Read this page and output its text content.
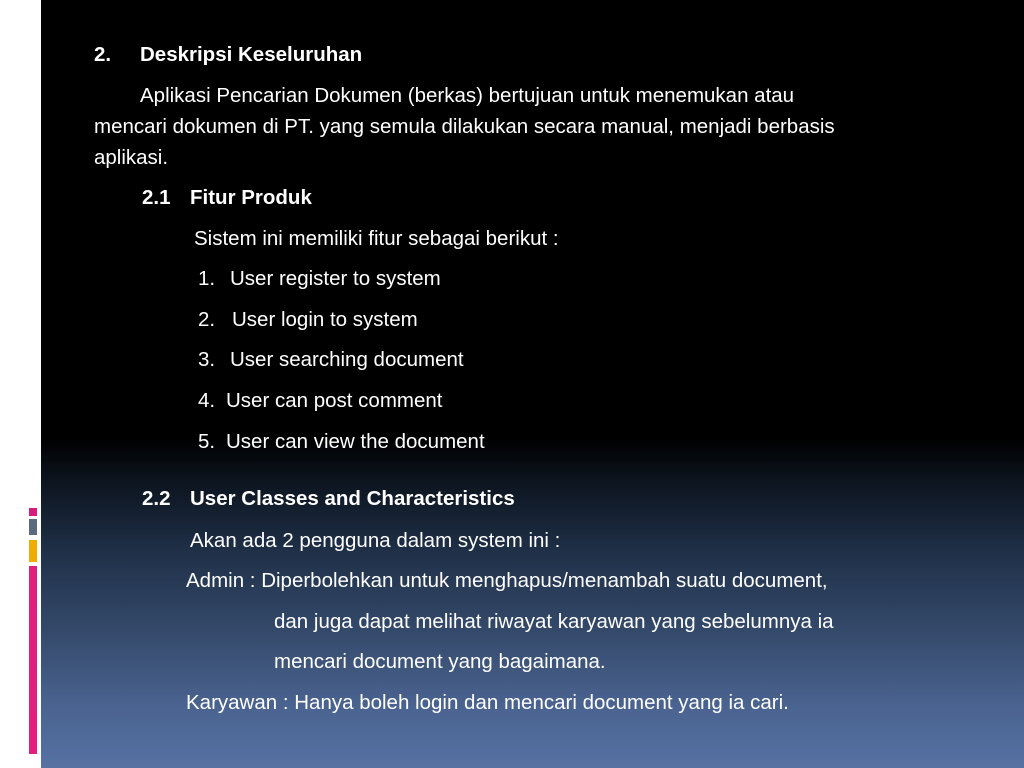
2. Deskripsi Keseluruhan
Aplikasi Pencarian Dokumen (berkas) bertujuan untuk menemukan atau
mencari dokumen di PT. yang semula dilakukan secara manual, menjadi berbasis
aplikasi.
2.1 Fitur Produk
Sistem ini memiliki fitur sebagai berikut :
1. User register to system
2. User login to system
3. User searching document
4. User can post comment
5. User can view the document
2.2 User Classes and Characteristics
Akan ada 2 pengguna dalam system ini :
Admin : Diperbolehkan untuk menghapus/menambah suatu document,
dan juga dapat melihat riwayat karyawan yang sebelumnya ia
mencari document yang bagaimana.
Karyawan : Hanya boleh login dan mencari document yang ia cari.
